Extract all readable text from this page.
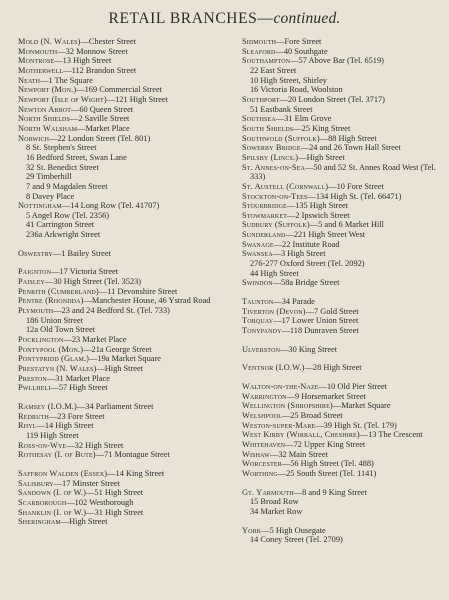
RETAIL BRANCHES—continued.
Mold (N. Wales)—Chester Street
Monmouth—32 Monnow Street
Montrose—13 High Street
Motherwell—112 Brandon Street
Neath—1 The Square
Newport (Mon.)—169 Commercial Street
Newport (Isle of Wight)—121 High Street
Newton Abbot—60 Queen Street
North Shields—2 Saville Street
North Walsham—Market Place
Norwich—22 London Street (Tel. 801)
8 St. Stephen's Street
16 Bedford Street, Swan Lane
32 St. Benedict Street
29 Timberhill
7 and 9 Magdalen Street
8 Davey Place
Nottingham—14 Long Row (Tel. 41707)
5 Angel Row (Tel. 2356)
41 Carrington Street
236a Arkwright Street
Oswestry—1 Bailey Street
Paignton—17 Victoria Street
Paisley—30 High Street (Tel. 3523)
Penrith (Cumberland)—11 Devonshire Street
Pentre (Rhondda)—Manchester House, 46 Ystrad Road
Plymouth—23 and 24 Bedford St. (Tel. 733)
186 Union Street
12a Old Town Street
Pocklington—23 Market Place
Pontypool (Mon.)—21a George Street
Pontypridd (Glam.)—19a Market Square
Prestatyn (N. Wales)—High Street
Preston—31 Market Place
Pwllheli—57 High Street
Ramsey (I.O.M.)—34 Parliament Street
Redruth—23 Fore Street
Rhyl—14 High Street
119 High Street
Ross-on-Wye—32 High Street
Rothesay (I. of Bute)—71 Montague Street
Saffron Walden (Essex)—14 King Street
Salisbury—17 Minster Street
Sandown (I. of W.)—51 High Street
Scarborough—102 Westborough
Shanklin (I. of W.)—31 High Street
Sheringham—High Street
Sidmouth—Fore Street
Sleaford—40 Southgate
Southampton—57 Above Bar (Tel. 6519)
22 East Street
10 High Street, Shirley
16 Victoria Road, Woolston
Southport—20 London Street (Tel. 3717)
51 Eastbank Street
Southsea—31 Elm Grove
South Shields—25 King Street
Southwold (Suffolk)—88 High Street
Sowerby Bridge—24 and 26 Town Hall Street
Spilsby (Lincs.)—High Street
St. Annes-on-Sea—50 and 52 St. Annes Road West (Tel. 333)
St. Austell (Cornwall)—10 Fore Street
Stockton-on-Tees—134 High St. (Tel. 66471)
Stourbridge—135 High Street
Stowmarket—2 Ipswich Street
Sudbury (Suffolk)—5 and 6 Market Hill
Sunderland—221 High Street West
Swanage—22 Institute Road
Swansea—3 High Street
276-277 Oxford Street (Tel. 2092)
44 High Street
Swindon—58a Bridge Street
Taunton—34 Parade
Tiverton (Devon)—7 Gold Street
Torquay—17 Lower Union Street
Tonypandy—118 Dunraven Street
Ulverston—30 King Street
Ventnor (I.O.W.)—28 High Street
Walton-on-the-Naze—10 Old Pier Street
Warrington—9 Horsemarket Street
Wellington (Shropshire)—Market Square
Welshpool—25 Broad Street
Weston-super-Mare—39 High St. (Tel. 179)
West Kirby (Wirrall, Cheshire)—13 The Crescent
Whitehaven—72 Upper King Street
Wishaw—32 Main Street
Worcester—56 High Street (Tel. 488)
Worthing—25 South Street (Tel. 1141)
Gt. Yarmouth—8 and 9 King Street
15 Broad Row
34 Market Row
York—5 High Ousegate
14 Coney Street (Tel. 2709)
